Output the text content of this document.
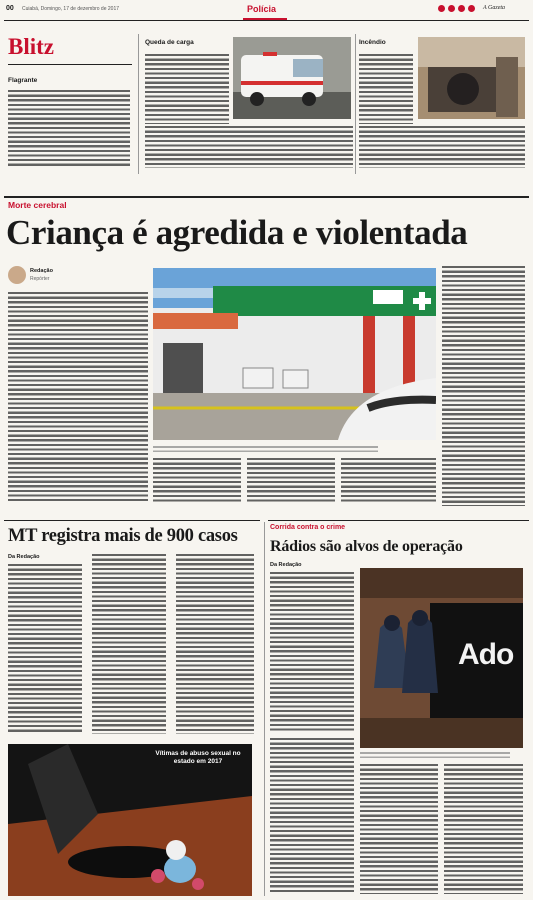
00 Cuiabá, Domingo, 17 de dezembro de 2017	Polícia	A Gazeta
Blitz
Flagrante
Queda de carga	Incêndio
Morte cerebral
Criança é agredida e violentada
Redação
Repórter
MT registra mais de 900 casos
Da Redação
Vítimas de abuso sexual no estado em 2017
Corrida contra o crime
Rádios são alvos de operação
Da Redação
Ado
